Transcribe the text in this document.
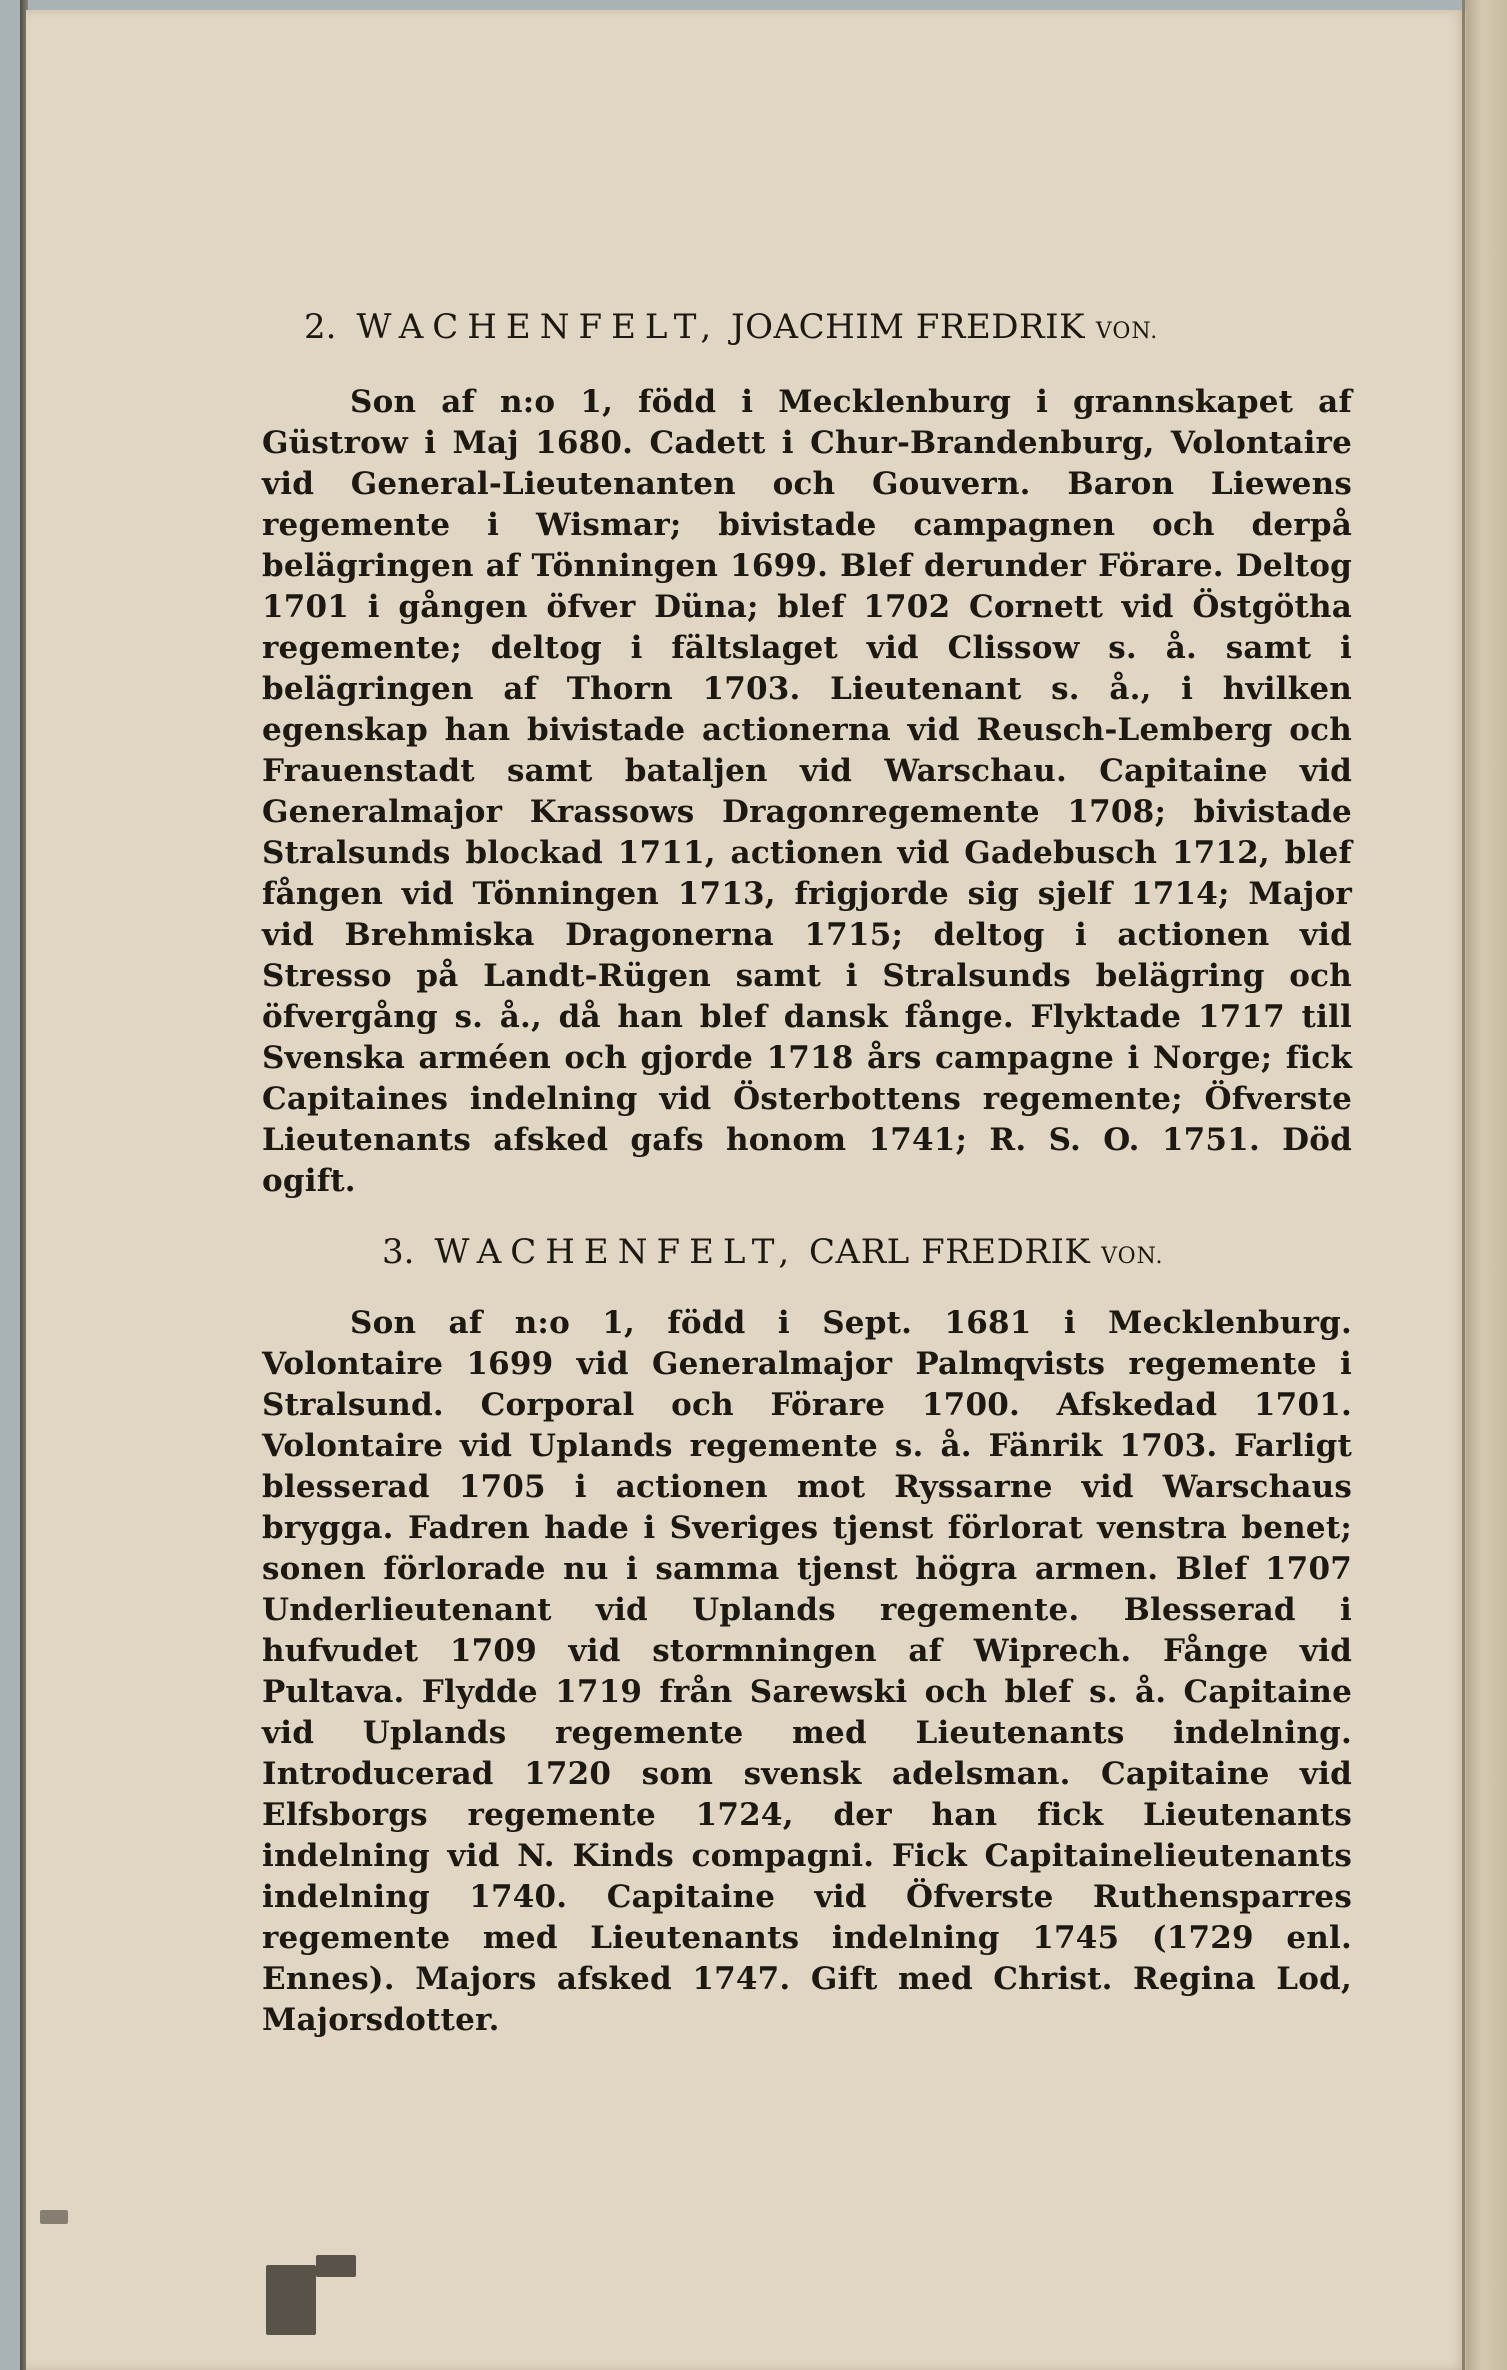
2. WACHENFELT, JOACHIM FREDRIK VON.

Son af n:o 1, född i Mecklenburg i grannskapet af Güstrow i Maj 1680. Cadett i Chur-Brandenburg, Volontaire vid General-Lieutenanten och Gouvern. Baron Liewens regemente i Wismar; bivistade campagnen och derpå belägringen af Tönningen 1699. Blef derunder Förare. Deltog 1701 i gången öfver Düna; blef 1702 Cornett vid Östgötha regemente; deltog i fältslaget vid Clissow s. å. samt i belägringen af Thorn 1703. Lieutenant s. å., i hvilken egenskap han bivistade actionerna vid Reusch-Lemberg och Frauenstadt samt bataljen vid Warschau. Capitaine vid Generalmajor Krassows Dragonregemente 1708; bivistade Stralsunds blockad 1711, actionen vid Gadebusch 1712, blef fången vid Tönningen 1713, frigjorde sig sjelf 1714; Major vid Brehmiska Dragonerna 1715; deltog i actionen vid Stresso på Landt-Rügen samt i Stralsunds belägring och öfvergång s. å., då han blef dansk fånge. Flyktade 1717 till Svenska arméen och gjorde 1718 års campagne i Norge; fick Capitaines indelning vid Österbottens regemente; Öfverste Lieutenants afsked gafs honom 1741; R. S. O. 1751. Död ogift.

3. WACHENFELT, CARL FREDRIK VON.

Son af n:o 1, född i Sept. 1681 i Mecklenburg. Volontaire 1699 vid Generalmajor Palmqvists regemente i Stralsund. Corporal och Förare 1700. Afskedad 1701. Volontaire vid Uplands regemente s. å. Fänrik 1703. Farligt blesserad 1705 i actionen mot Ryssarne vid Warschaus brygga. Fadren hade i Sveriges tjenst förlorat venstra benet; sonen förlorade nu i samma tjenst högra armen. Blef 1707 Underlieutenant vid Uplands regemente. Blesserad i hufvudet 1709 vid stormningen af Wiprech. Fånge vid Pultava. Flydde 1719 från Sarewski och blef s. å. Capitaine vid Uplands regemente med Lieutenants indelning. Introducerad 1720 som svensk adelsman. Capitaine vid Elfsborgs regemente 1724, der han fick Lieutenants indelning vid N. Kinds compagni. Fick Capitainelieutenants indelning 1740. Capitaine vid Öfverste Ruthensparres regemente med Lieutenants indelning 1745 (1729 enl. Ennes). Majors afsked 1747. Gift med Christ. Regina Lod, Majorsdotter.
